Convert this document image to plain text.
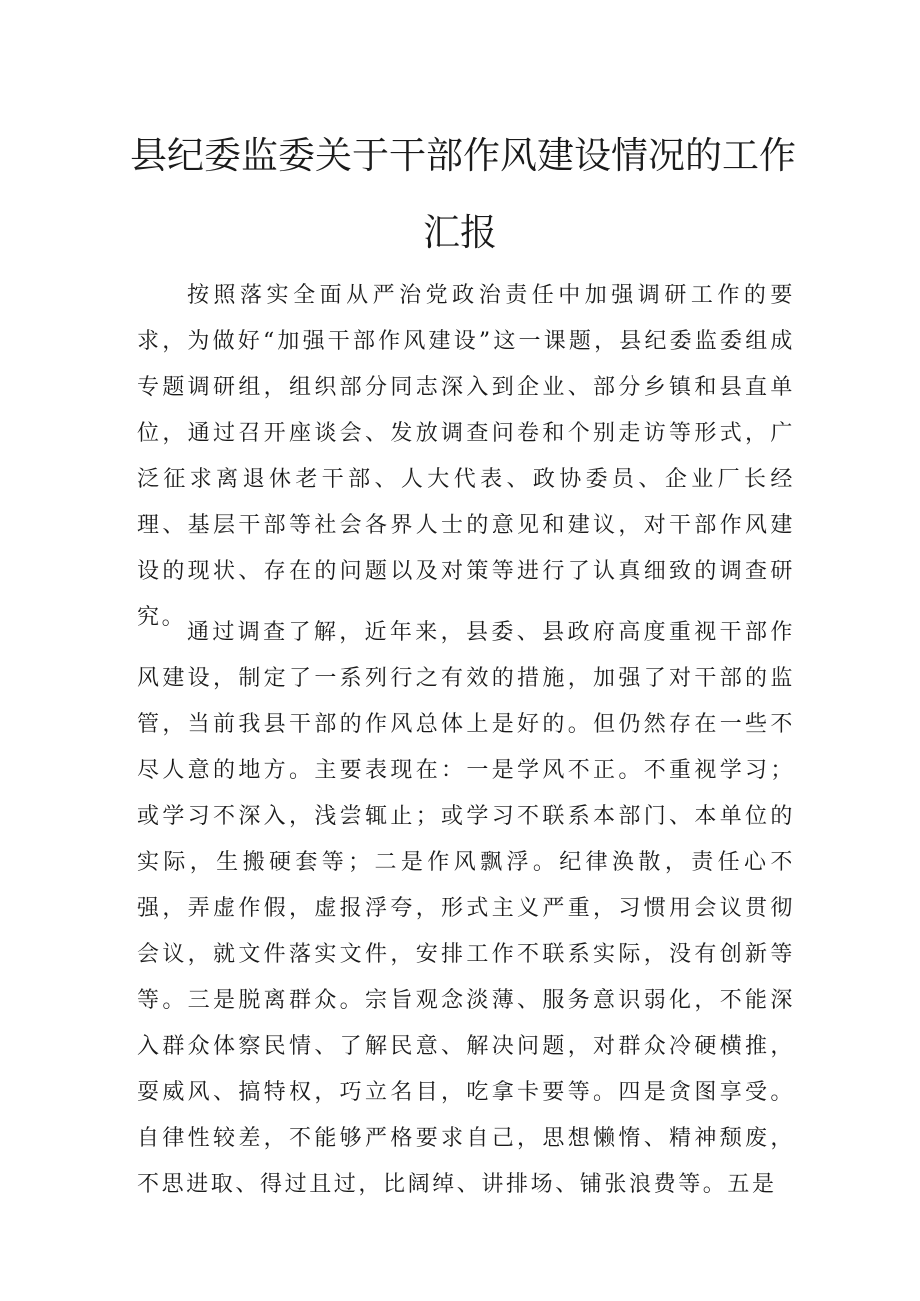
县纪委监委关于干部作风建设情况的工作
汇报

按照落实全面从严治党政治责任中加强调研工作的要求，为做好“加强干部作风建设”这一课题，县纪委监委组成专题调研组，组织部分同志深入到企业、部分乡镇和县直单位，通过召开座谈会、发放调查问卷和个别走访等形式，广泛征求离退休老干部、人大代表、政协委员、企业厂长经理、基层干部等社会各界人士的意见和建议，对干部作风建设的现状、存在的问题以及对策等进行了认真细致的调查研究。

通过调查了解，近年来，县委、县政府高度重视干部作风建设，制定了一系列行之有效的措施，加强了对干部的监管，当前我县干部的作风总体上是好的。但仍然存在一些不尽人意的地方。主要表现在：一是学风不正。不重视学习；或学习不深入，浅尝辄止；或学习不联系本部门、本单位的实际，生搬硬套等；二是作风飘浮。纪律涣散，责任心不强，弄虚作假，虚报浮夸，形式主义严重，习惯用会议贯彻会议，就文件落实文件，安排工作不联系实际，没有创新等等。三是脱离群众。宗旨观念淡薄、服务意识弱化，不能深入群众体察民情、了解民意、解决问题，对群众冷硬横推，耍威风、搞特权，巧立名目，吃拿卡要等。四是贪图享受。自律性较差，不能够严格要求自己，思想懒惰、精神颓废，不思进取、得过且过，比阔绰、讲排场、铺张浪费等。五是
